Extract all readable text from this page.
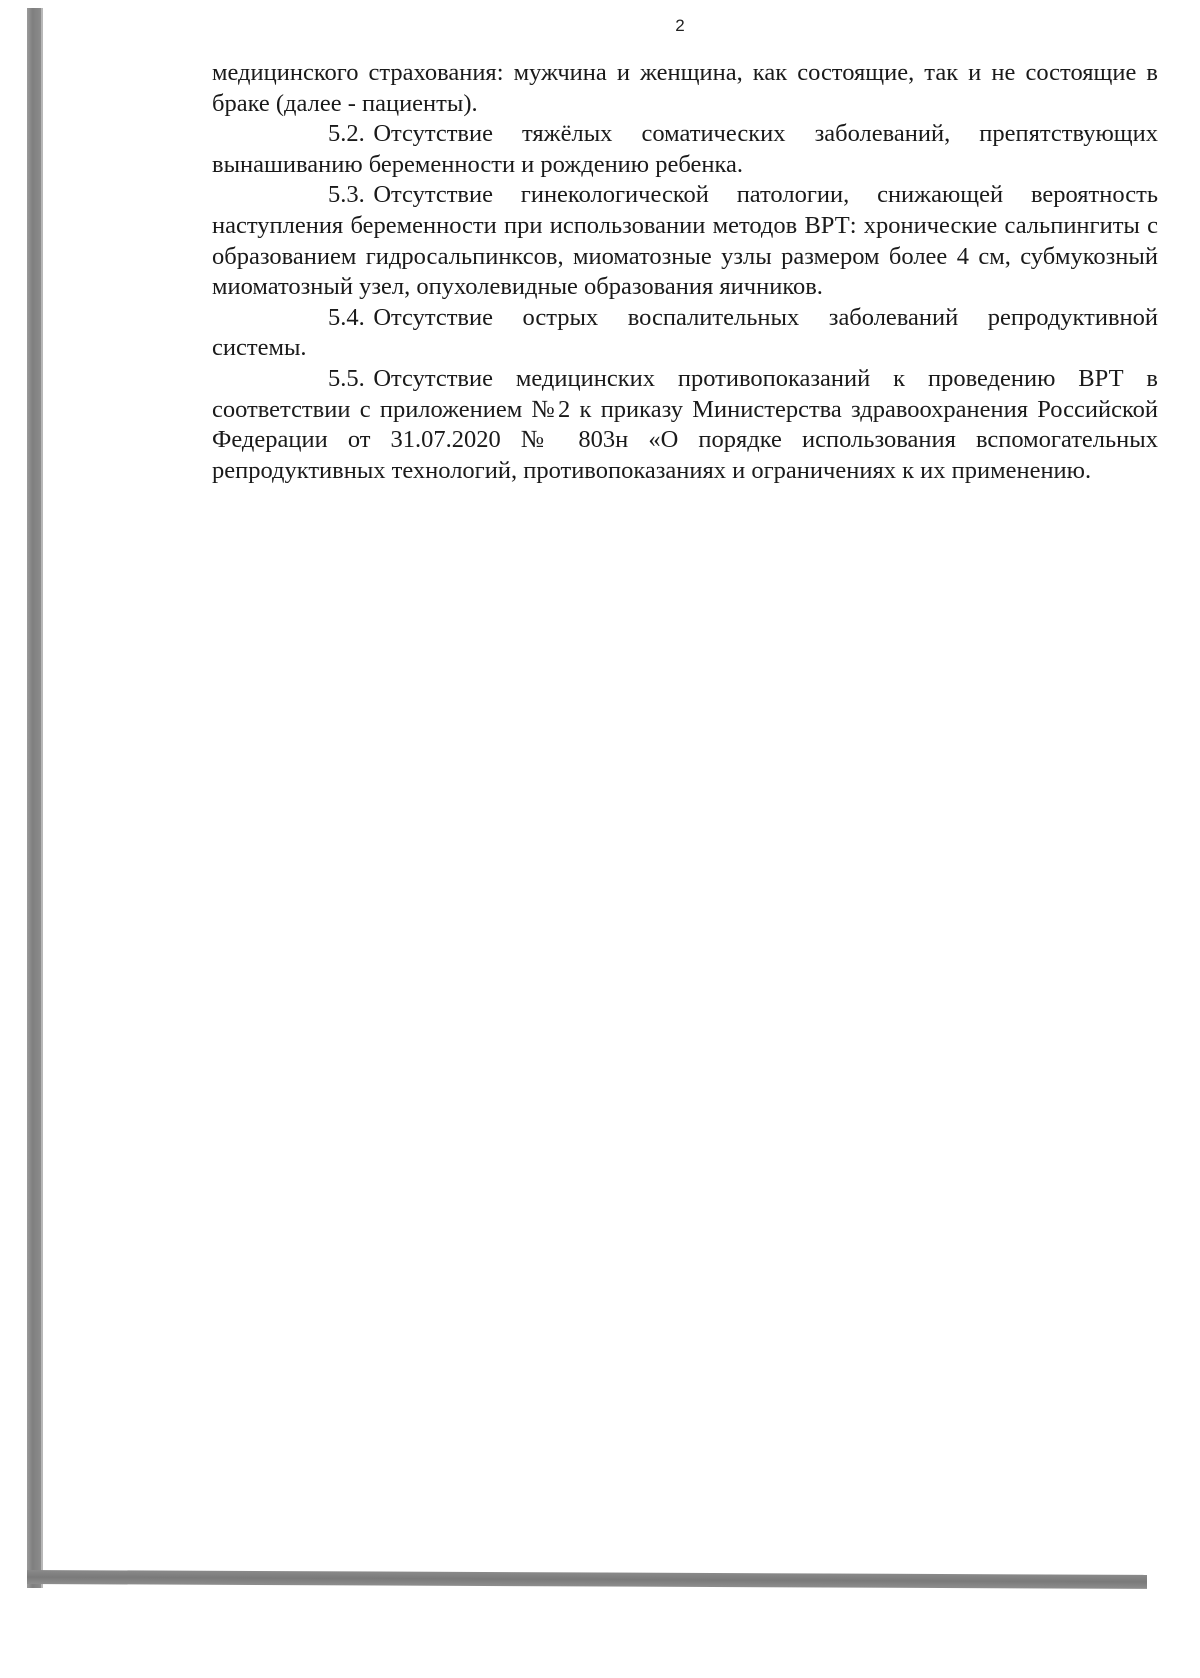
2

медицинского страхования: мужчина и женщина, как состоящие, так и не состоящие в браке (далее - пациенты).

5.2. Отсутствие тяжёлых соматических заболеваний, препятствующих вынашиванию беременности и рождению ребенка.

5.3. Отсутствие гинекологической патологии, снижающей вероятность наступления беременности при использовании методов ВРТ: хронические сальпингиты с образованием гидросальпинксов, миоматозные узлы размером более 4 см, субмукозный миоматозный узел, опухолевидные образования яичников.

5.4. Отсутствие острых воспалительных заболеваний репродуктивной системы.

5.5. Отсутствие медицинских противопоказаний к проведению ВРТ в соответствии с приложением №2 к приказу Министерства здравоохранения Российской Федерации от 31.07.2020 № 803н «О порядке использования вспомогательных репродуктивных технологий, противопоказаниях и ограничениях к их применению.
